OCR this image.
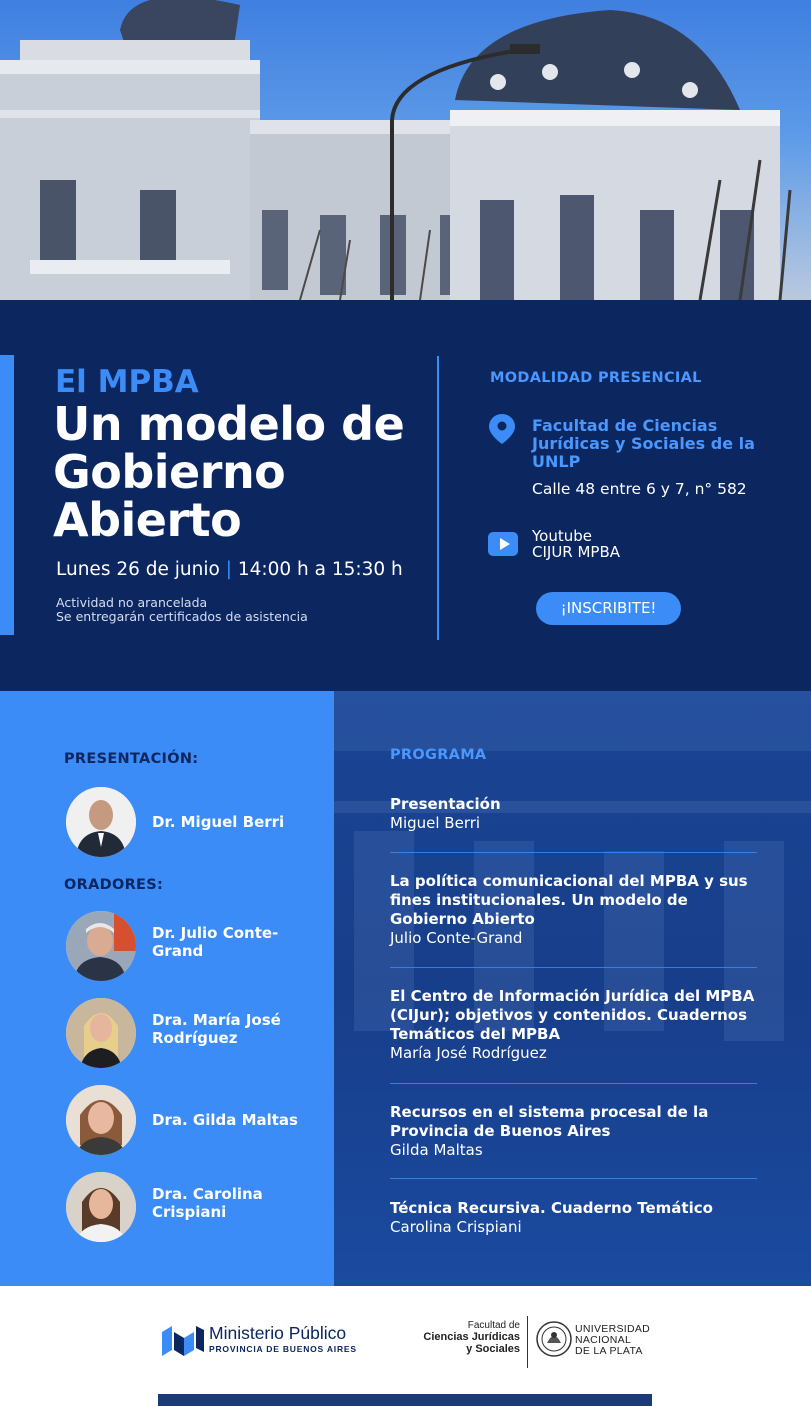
El MPBA
Un modelo de Gobierno Abierto
Lunes 26 de junio | 14:00 h a 15:30 h
Actividad no arancelada
Se entregarán certificados de asistencia
MODALIDAD PRESENCIAL
Facultad de Ciencias Jurídicas y Sociales de la UNLP
Calle 48 entre 6 y 7, n° 582
Youtube
CIJUR MPBA
¡INSCRIBITE!
PRESENTACIÓN:
Dr. Miguel Berri
ORADORES:
Dr. Julio Conte-Grand
Dra. María José Rodríguez
Dra. Gilda Maltas
Dra. Carolina Crispiani
PROGRAMA
Presentación
Miguel Berri
La política comunicacional del MPBA y sus fines institucionales. Un modelo de Gobierno Abierto
Julio Conte-Grand
El Centro de Información Jurídica del MPBA (CIJur); objetivos y contenidos. Cuadernos Temáticos del MPBA
María José Rodríguez
Recursos en el sistema procesal de la Provincia de Buenos Aires
Gilda Maltas
Técnica Recursiva. Cuaderno Temático
Carolina Crispiani
Ministerio Público
PROVINCIA DE BUENOS AIRES
Facultad de
Ciencias Jurídicas
y Sociales
UNIVERSIDAD
NACIONAL
DE LA PLATA
